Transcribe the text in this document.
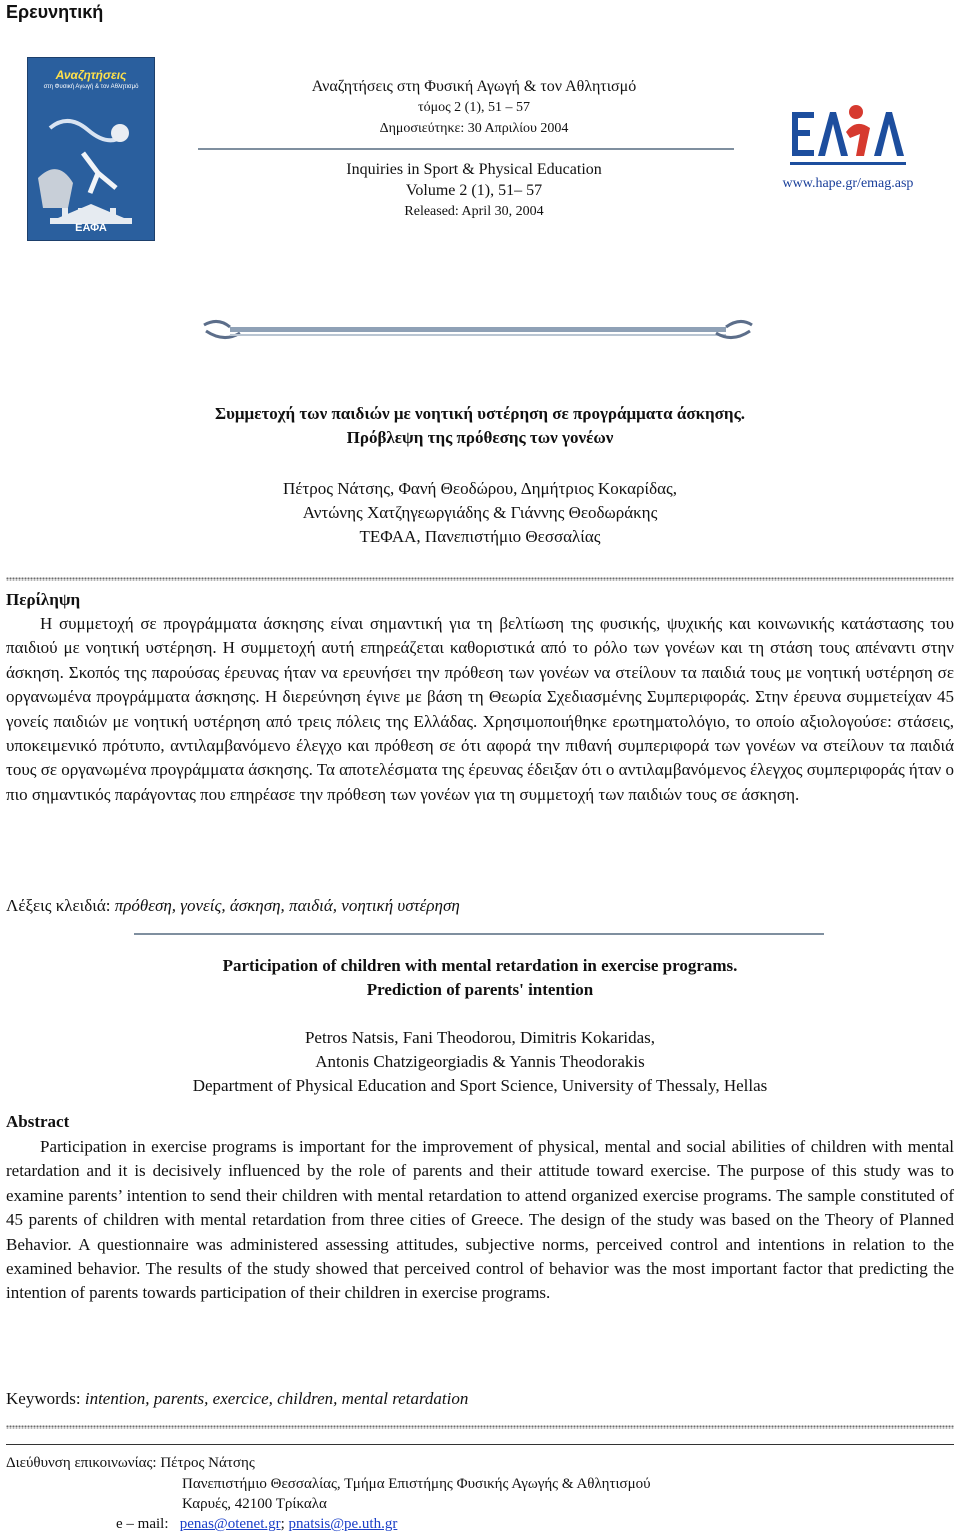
Ερευνητική
Αναζητήσεις
στη Φυσική Αγωγή & τον Αθλητισμό
ΕΑΦΑ
Αναζητήσεις στη Φυσική Αγωγή & τον Αθλητισμό
τόμος 2 (1), 51 – 57
Δημοσιεύτηκε: 30 Απριλίου 2004
Inquiries in Sport & Physical Education
Volume 2 (1), 51– 57
Released: April 30, 2004
www.hape.gr/emag.asp
Συμμετοχή των παιδιών με νοητική υστέρηση σε προγράμματα άσκησης.
Πρόβλεψη της πρόθεσης των γονέων
Πέτρος Νάτσης, Φανή Θεοδώρου, Δημήτριος Κοκαρίδας,
Αντώνης Χατζηγεωργιάδης & Γιάννης Θεοδωράκης
ΤΕΦΑΑ, Πανεπιστήμιο Θεσσαλίας
Περίληψη
Η συμμετοχή σε προγράμματα άσκησης είναι σημαντική για τη βελτίωση της φυσικής, ψυχικής και κοινωνικής κατάστασης του παιδιού με νοητική υστέρηση. Η συμμετοχή αυτή επηρεάζεται καθοριστικά από το ρόλο των γονέων και τη στάση τους απέναντι στην άσκηση. Σκοπός της παρούσας έρευνας ήταν να ερευνήσει την πρόθεση των γονέων να στείλουν τα παιδιά τους με νοητική υστέρηση σε οργανωμένα προγράμματα άσκησης. Η διερεύνηση έγινε με βάση τη Θεωρία Σχεδιασμένης Συμπεριφοράς. Στην έρευνα συμμετείχαν 45 γονείς παιδιών με νοητική υστέρηση από τρεις πόλεις της Ελλάδας. Χρησιμοποιήθηκε ερωτηματολόγιο, το οποίο αξιολογούσε: στάσεις, υποκειμενικό πρότυπο, αντιλαμβανόμενο έλεγχο και πρόθεση σε ότι αφορά την πιθανή συμπεριφορά των γονέων να στείλουν τα παιδιά τους σε οργανωμένα προγράμματα άσκησης. Τα αποτελέσματα της έρευνας έδειξαν ότι ο αντιλαμβανόμενος έλεγχος συμπεριφοράς ήταν ο πιο σημαντικός παράγοντας που επηρέασε την πρόθεση των γονέων για τη συμμετοχή των παιδιών τους σε άσκηση.
Λέξεις κλειδιά: πρόθεση, γονείς, άσκηση, παιδιά, νοητική υστέρηση
Participation of children with mental retardation in exercise programs.
Prediction of parents' intention
Petros Natsis, Fani Theodorou, Dimitris Kokaridas,
Antonis Chatzigeorgiadis & Yannis Theodorakis
Department of Physical Education and Sport Science, University of Thessaly, Hellas
Abstract
Participation in exercise programs is important for the improvement of physical, mental and social abilities of children with mental retardation and it is decisively influenced by the role of parents and their attitude toward exercise. The purpose of this study was to examine parents’ intention to send their children with mental retardation to attend organized exercise programs. The sample constituted of 45 parents of children with mental retardation from three cities of Greece. The design of the study was based on the Theory of Planned Behavior. A questionnaire was administered assessing attitudes, subjective norms, perceived control and intentions in relation to the examined behavior. The results of the study showed that perceived control of behavior was the most important factor that predicting the intention of parents towards participation of their children in exercise programs.
Keywords: intention, parents, exercice, children, mental retardation
Διεύθυνση επικοινωνίας: Πέτρος Νάτσης
Πανεπιστήμιο Θεσσαλίας, Τμήμα Επιστήμης Φυσικής Αγωγής & Αθλητισμού
Καρυές, 42100 Τρίκαλα
e – mail: penas@otenet.gr; pnatsis@pe.uth.gr
